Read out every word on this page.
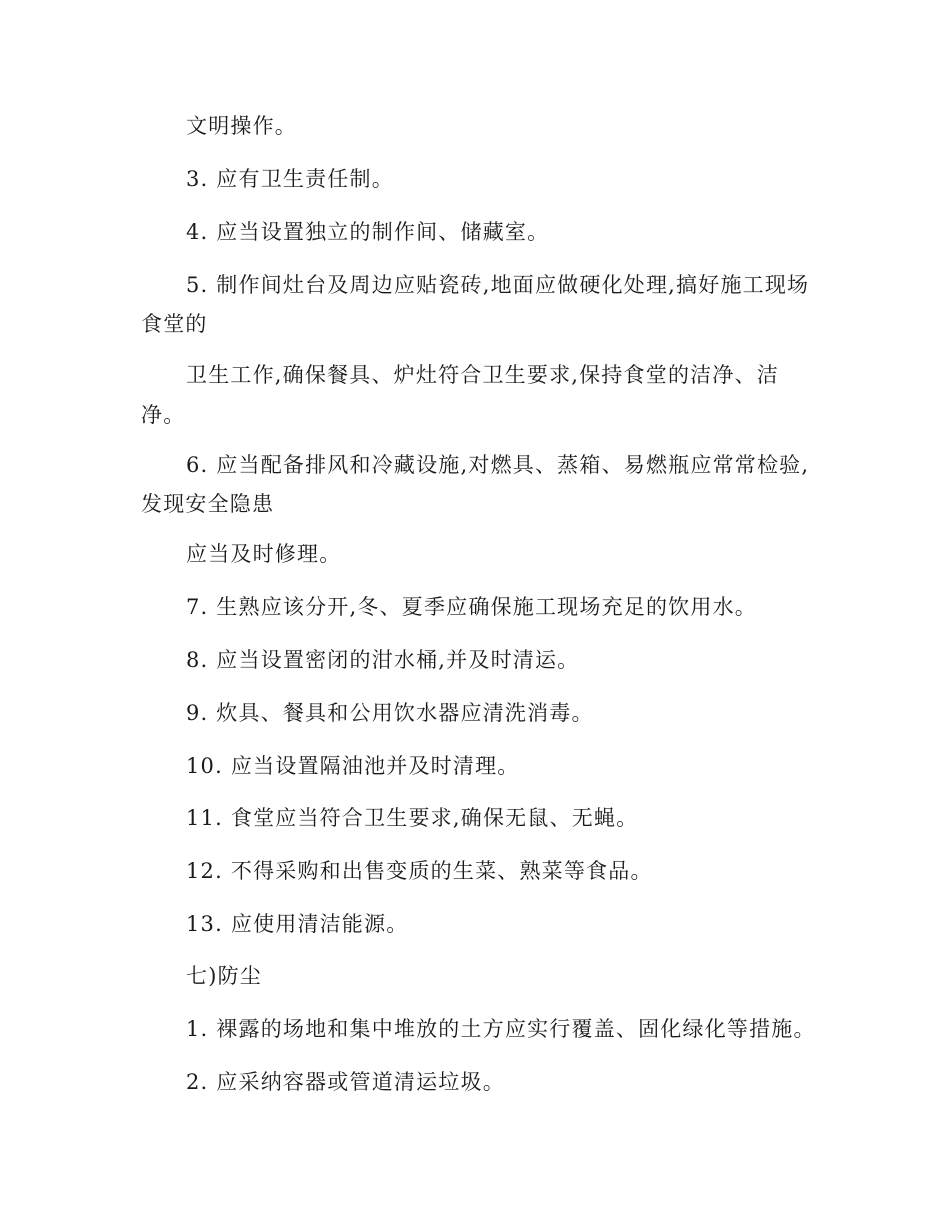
文明操作。
3. 应有卫生责任制。
4. 应当设置独立的制作间、储藏室。
5. 制作间灶台及周边应贴瓷砖,地面应做硬化处理,搞好施工现场
食堂的
卫生工作,确保餐具、炉灶符合卫生要求,保持食堂的洁净、洁
净。
6. 应当配备排风和冷藏设施,对燃具、蒸箱、易燃瓶应常常检验,
发现安全隐患
应当及时修理。
7. 生熟应该分开,冬、夏季应确保施工现场充足的饮用水。
8. 应当设置密闭的泔水桶,并及时清运。
9. 炊具、餐具和公用饮水器应清洗消毒。
10. 应当设置隔油池并及时清理。
11. 食堂应当符合卫生要求,确保无鼠、无蝇。
12. 不得采购和出售变质的生菜、熟菜等食品。
13. 应使用清洁能源。
七)防尘
1. 裸露的场地和集中堆放的土方应实行覆盖、固化绿化等措施。
2. 应采纳容器或管道清运垃圾。
